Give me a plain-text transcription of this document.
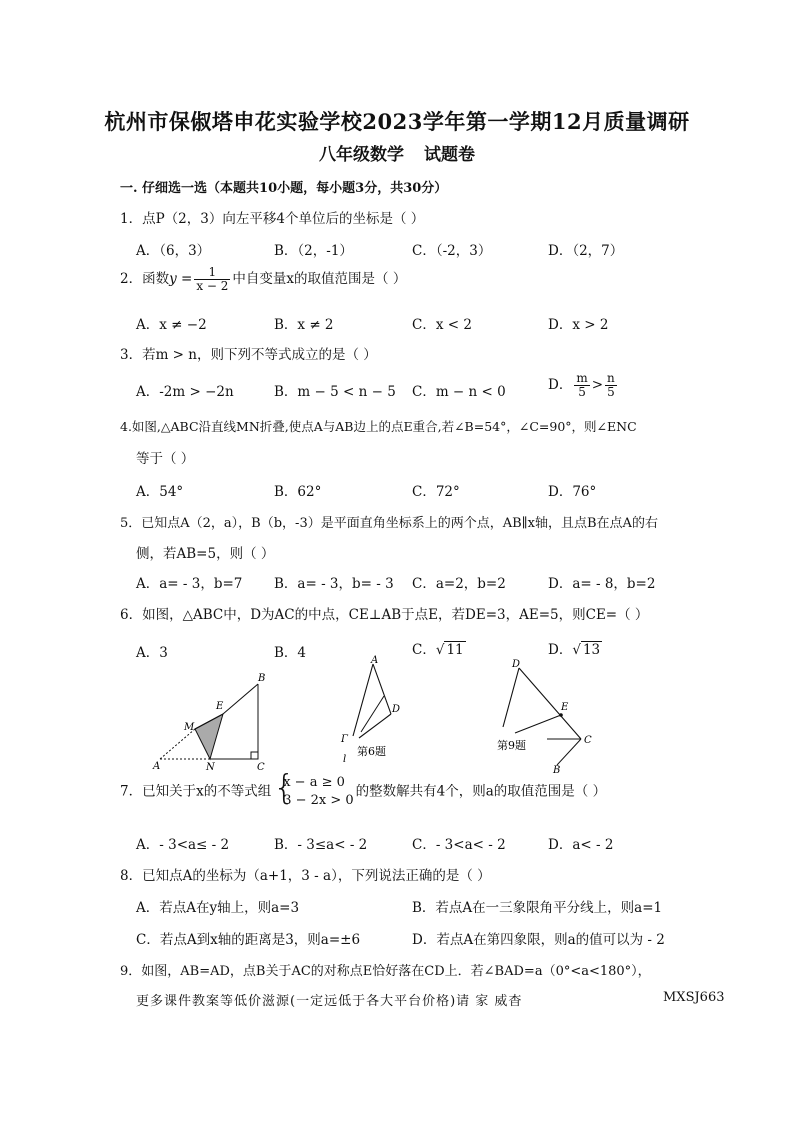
杭州市保俶塔申花实验学校2023学年第一学期12月质量调研
八年级数学 试题卷
一. 仔细选一选（本题共10小题，每小题3分，共30分）
1．点P（2，3）向左平移4个单位后的坐标是（ ）
A．（6，3）	B．（2，-1）	C．（-2，3）	D．（2，7）
2．函数$y = \frac{1}{x - 2}$ 中自变量x的取值范围是（ ）
A．x ≠ −2	B．x ≠ 2	C．x < 2	D．x > 2
3．若m > n，则下列不等式成立的是（ ）
A．-2m > −2n	B．m − 5 < n − 5 C．m − n < 0	D． $\frac{m}{5} > \frac{n}{5}$
4.如图,△ABC沿直线MN折叠,使点A与AB边上的点E重合,若∠B=54°，∠C=90°，则∠ENC
等于（ ）
A．54°	B．62°	C．72°	D．76°
5．已知点A（2，a），B（b，-3）是平面直角坐标系上的两个点，AB∥x轴，且点B在点A的右
侧，若AB=5，则（ ）
A．a= - 3，b=7 B．a= - 3，b= - 3 C．a=2，b=2	D．a= - 8，b=2
6．如图，△ABC中，D为AC的中点，CE⊥AB于点E，若DE=3，AE=5，则CE=（ ）
A．3	B．4	C．√ 11	D．√ 13
B
E
M
A	N	C
A
D
Γ
l
第6题
D
E
C
B
第9题
7．已知关于x的不等式组 {
x − a ≥ 0
3 − 2x > 0
的整数解共有4个，则a的取值范围是（ ）
A．- 3<a≤ - 2	B．- 3≤a< - 2	C．- 3<a< - 2	D．a< - 2
8．已知点A的坐标为（a+1，3 - a），下列说法正确的是（ ）
A．若点A在y轴上，则a=3	B．若点A在一三象限角平分线上，则a=1
C．若点A到x轴的距离是3，则a=±6	D．若点A在第四象限，则a的值可以为 - 2
9．如图，AB=AD，点B关于AC的对称点E恰好落在CD上．若∠BAD=a（0°<a<180°），
更多课件教案等低价滋源(一定远低于各大平台价格)请 家 威杳	MXSJ663
